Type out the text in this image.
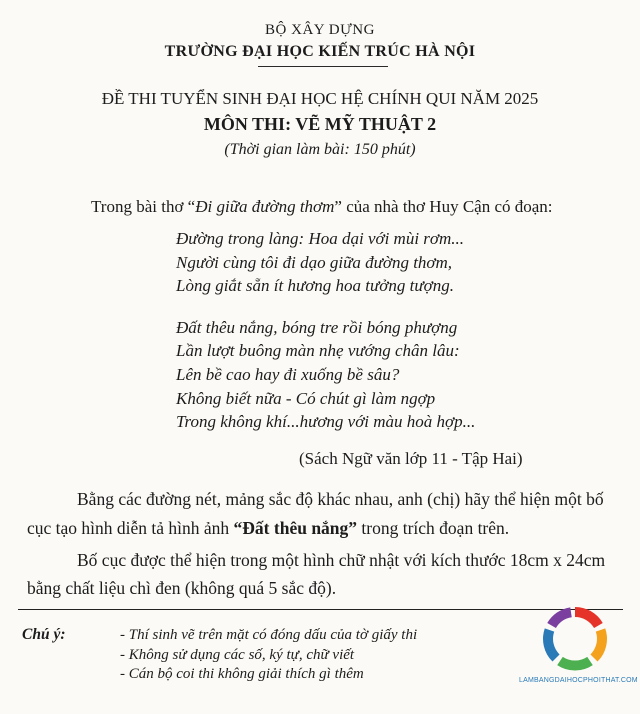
BỘ XÂY DỰNG
TRƯỜNG ĐẠI HỌC KIẾN TRÚC HÀ NỘI
ĐỀ THI TUYỂN SINH ĐẠI HỌC HỆ CHÍNH QUI NĂM 2025
MÔN THI: VẼ MỸ THUẬT 2
(Thời gian làm bài: 150 phút)
Trong bài thơ “Đi giữa đường thơm” của nhà thơ Huy Cận có đoạn:
Đường trong làng: Hoa dại với mùi rơm...
Người cùng tôi đi dạo giữa đường thơm,
Lòng giắt sẵn ít hương hoa tưởng tượng.
Đất thêu nắng, bóng tre rồi bóng phượng
Lần lượt buông màn nhẹ vướng chân lâu:
Lên bề cao hay đi xuống bề sâu?
Không biết nữa - Có chút gì làm ngợp
Trong không khí...hương với màu hoà hợp...
(Sách Ngữ văn lớp 11 - Tập Hai)
Bằng các đường nét, mảng sắc độ khác nhau, anh (chị) hãy thể hiện một bố
cục tạo hình diễn tả hình ảnh “Đất thêu nắng” trong trích đoạn trên.
Bố cục được thể hiện trong một hình chữ nhật với kích thước 18cm x 24cm
bằng chất liệu chì đen (không quá 5 sắc độ).
Chú ý:	- Thí sinh vẽ trên mặt có đóng dấu của tờ giấy thi
- Không sử dụng các số, ký tự, chữ viết
- Cán bộ coi thi không giải thích gì thêm	LAMBANGDAIHOCPHOITHAT.COM
